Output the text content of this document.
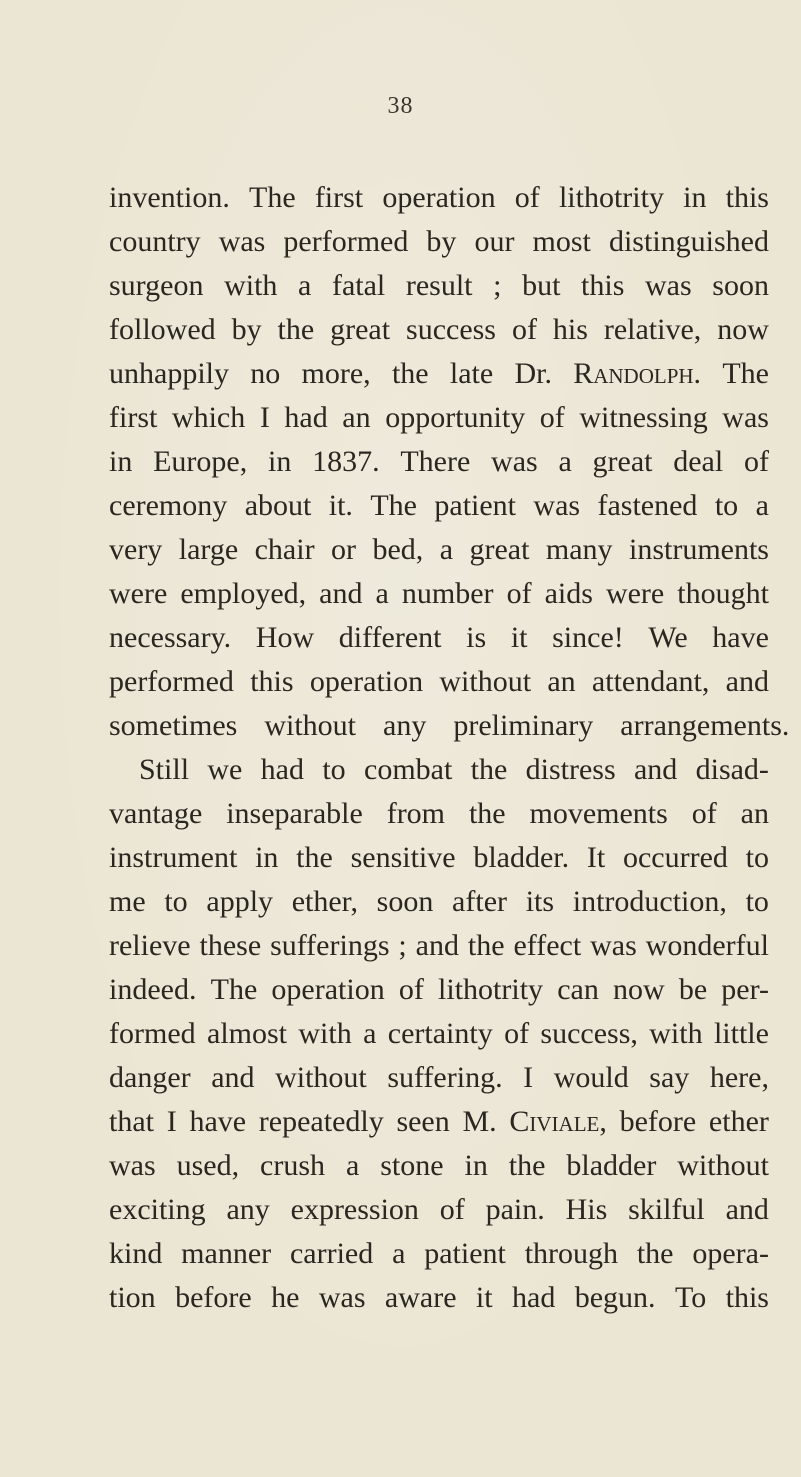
38
invention. The first operation of lithotrity in this
country was performed by our most distinguished
surgeon with a fatal result ; but this was soon
followed by the great success of his relative, now
unhappily no more, the late Dr. Randolph. The
first which I had an opportunity of witnessing was
in Europe, in 1837. There was a great deal of
ceremony about it. The patient was fastened to a
very large chair or bed, a great many instruments
were employed, and a number of aids were thought
necessary. How different is it since! We have
performed this operation without an attendant, and
sometimes without any preliminary arrangements.
Still we had to combat the distress and disad-
vantage inseparable from the movements of an
instrument in the sensitive bladder. It occurred to
me to apply ether, soon after its introduction, to
relieve these sufferings ; and the effect was wonderful
indeed. The operation of lithotrity can now be per-
formed almost with a certainty of success, with little
danger and without suffering. I would say here,
that I have repeatedly seen M. Civiale, before ether
was used, crush a stone in the bladder without
exciting any expression of pain. His skilful and
kind manner carried a patient through the opera-
tion before he was aware it had begun. To this
